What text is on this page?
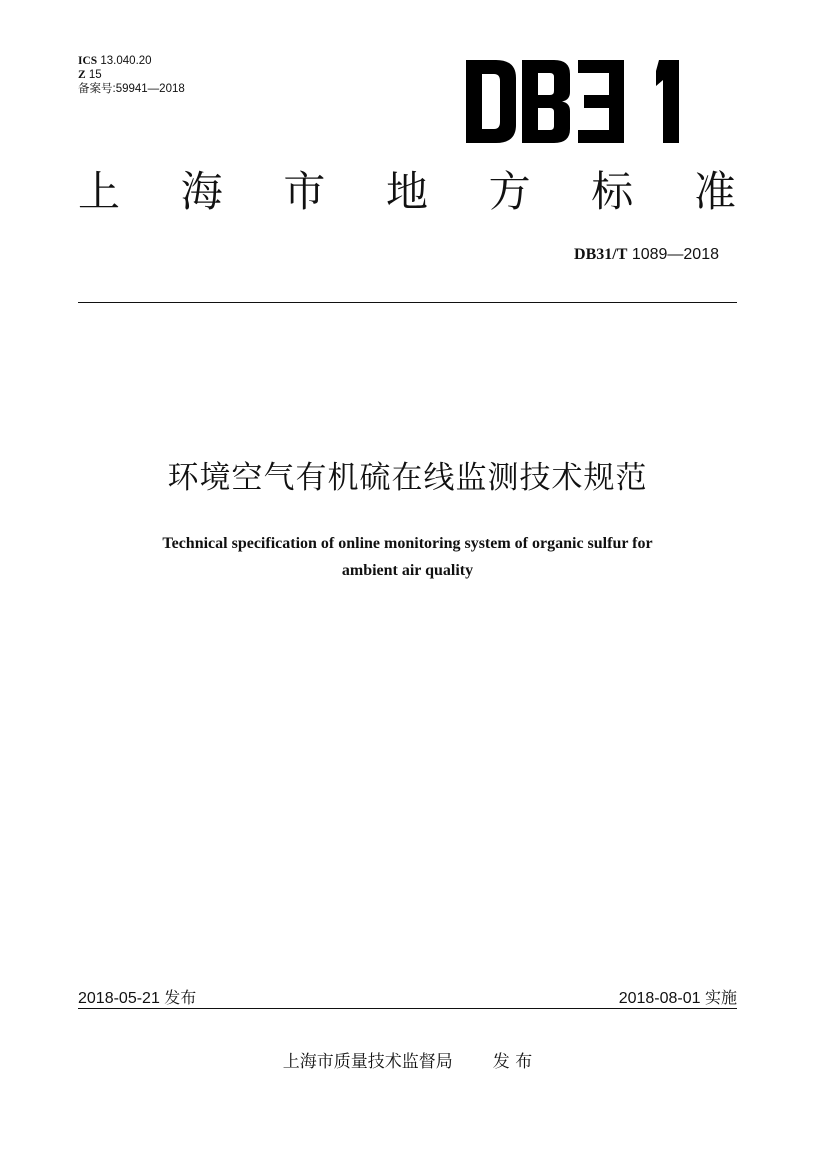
ICS 13.040.20
Z 15
备案号:59941—2018
上 海 市 地 方 标 准
DB31/T 1089—2018
环境空气有机硫在线监测技术规范
Technical specification of online monitoring system of organic sulfur for
ambient air quality
2018-05-21 发布	2018-08-01 实施
上海市质量技术监督局 发 布
